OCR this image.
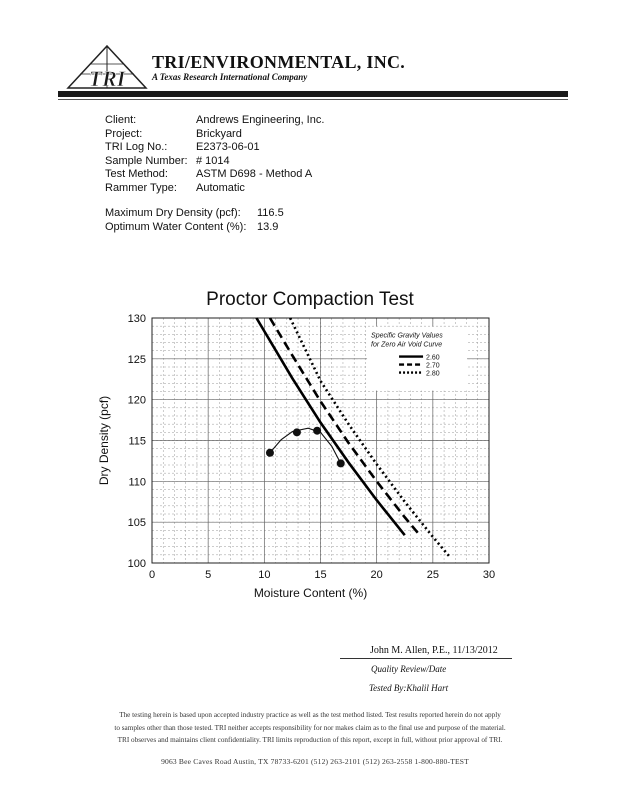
TRI
TRI/ENVIRONMENTAL, INC.
A Texas Research International Company
Client:	Andrews Engineering, Inc.
Project:	Brickyard
TRI Log No.:	E2373-06-01
Sample Number: # 1014
Test Method:	ASTM D698 - Method A
Rammer Type:	Automatic
Maximum Dry Density (pcf):	116.5
Optimum Water Content (%): 13.9
Proctor Compaction Test
0	5	10	15	20	25	30
100
105
110
115
120
125
130
Specific Gravity Values
for Zero Air Void Curve
2.60
2.70
2.80
Moisture Content (%)
Dry Density (pcf)
John M. Allen, P.E., 11/13/2012
Quality Review/Date
Tested By:Khalil Hart
The testing herein is based upon accepted industry practice as well as the test method listed. Test results reported herein do not apply
to samples other than those tested. TRI neither accepts responsibility for nor makes claim as to the final use and purpose of the material.
TRI observes and maintains client confidentiality. TRI limits reproduction of this report, except in full, without prior approval of TRI.
9063 Bee Caves Road Austin, TX 78733-6201 (512) 263-2101 (512) 263-2558 1-800-880-TEST
